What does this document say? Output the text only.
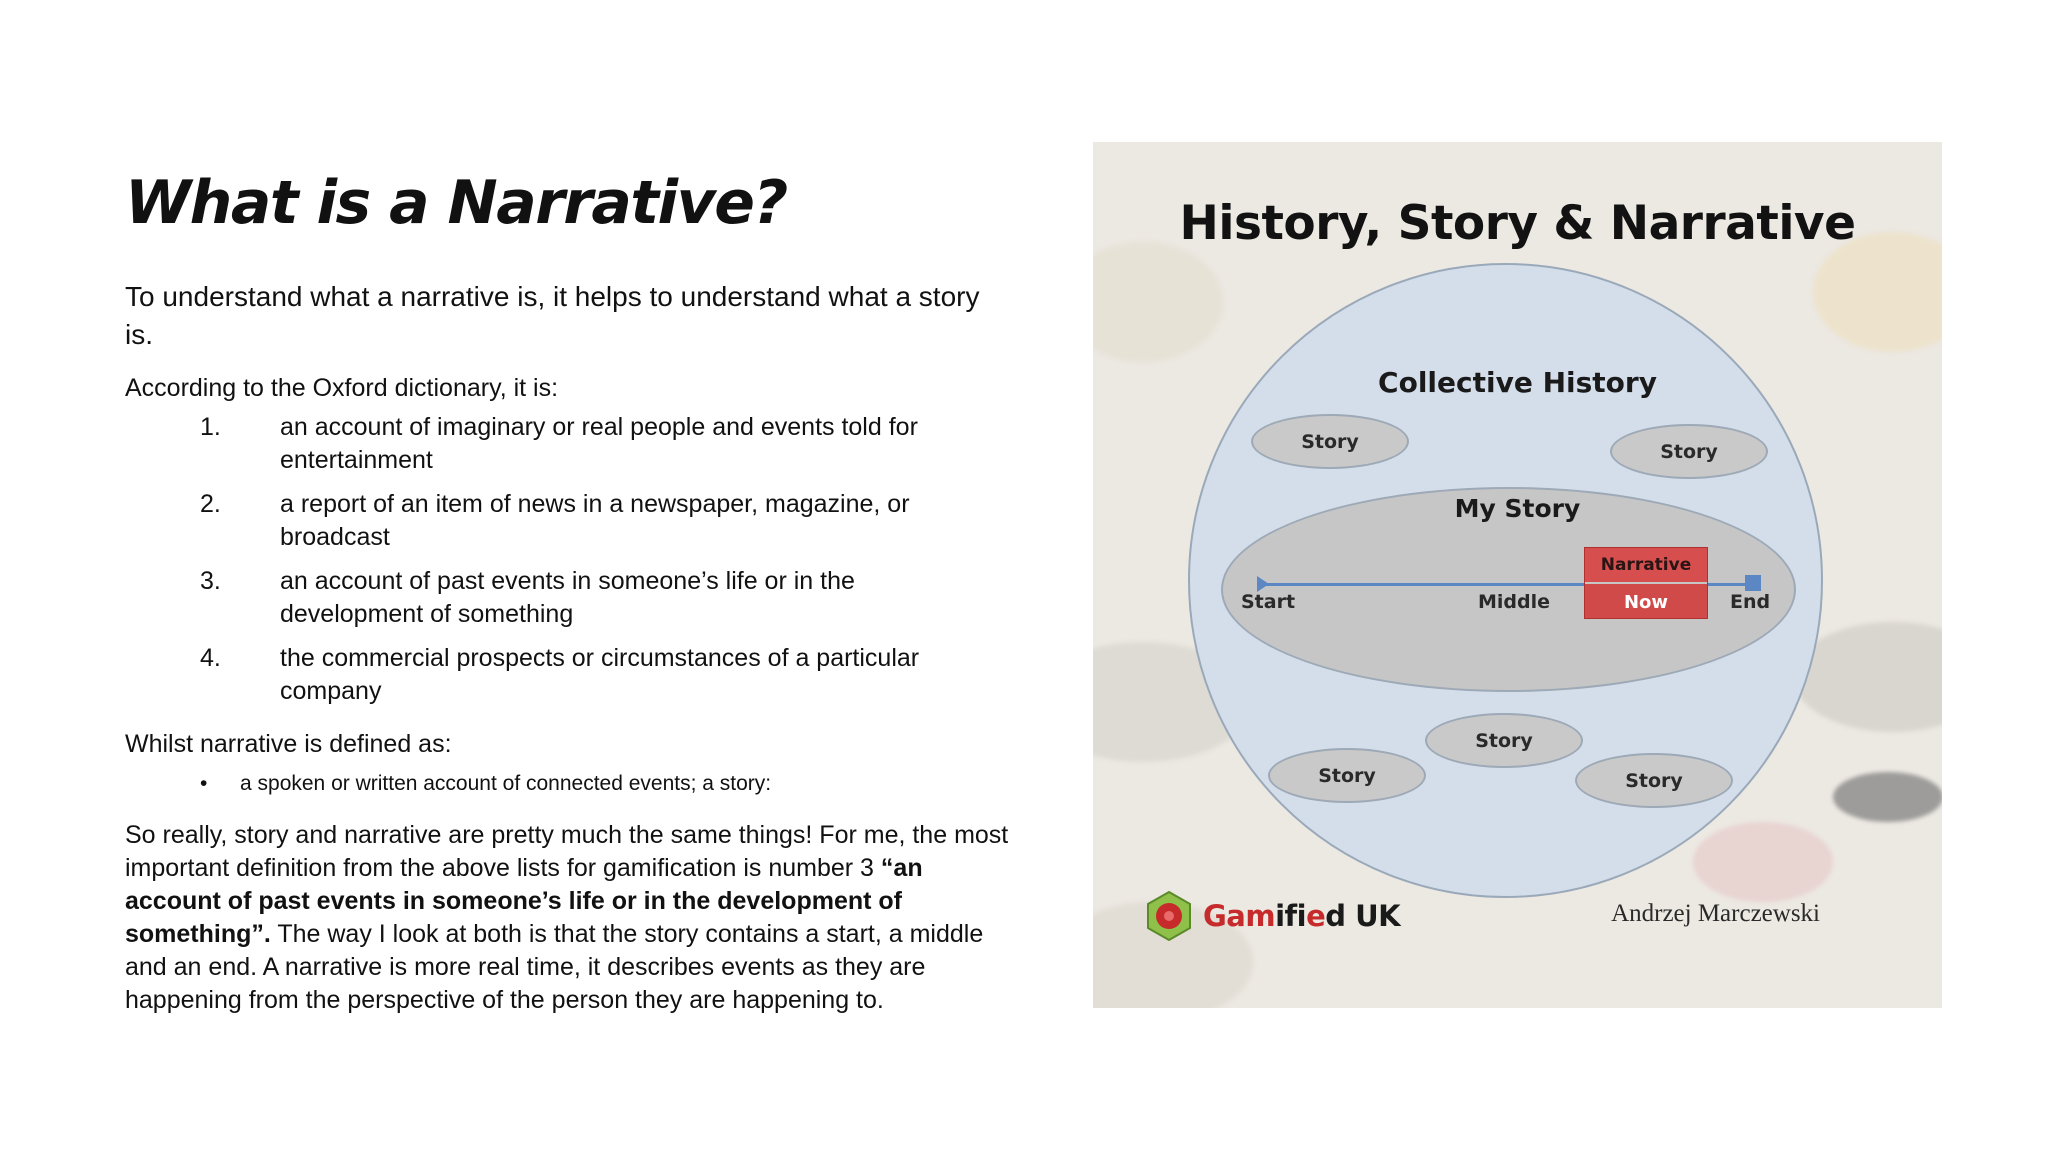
What is a Narrative?

To understand what a narrative is, it helps to understand what a story is.

According to the Oxford dictionary, it is:

1.	an account of imaginary or real people and events told for entertainment
2.	a report of an item of news in a newspaper, magazine, or broadcast
3.	an account of past events in someone’s life or in the development of something
4.	the commercial prospects or circumstances of a particular company

Whilst narrative is defined as:

•	a spoken or written account of connected events; a story:

So really, story and narrative are pretty much the same things! For me, the most important definition from the above lists for gamification is number 3 “an account of past events in someone’s life or in the development of something”. The way I look at both is that the story contains a start, a middle and an end. A narrative is more real time, it describes events as they are happening from the perspective of the person they are happening to.

History, Story & Narrative
Collective History
Story	Story
My Story
Narrative
Now
Start	Middle	End
Story
Story	Story
Gam ifi e d UK	Andrzej Marczewski
